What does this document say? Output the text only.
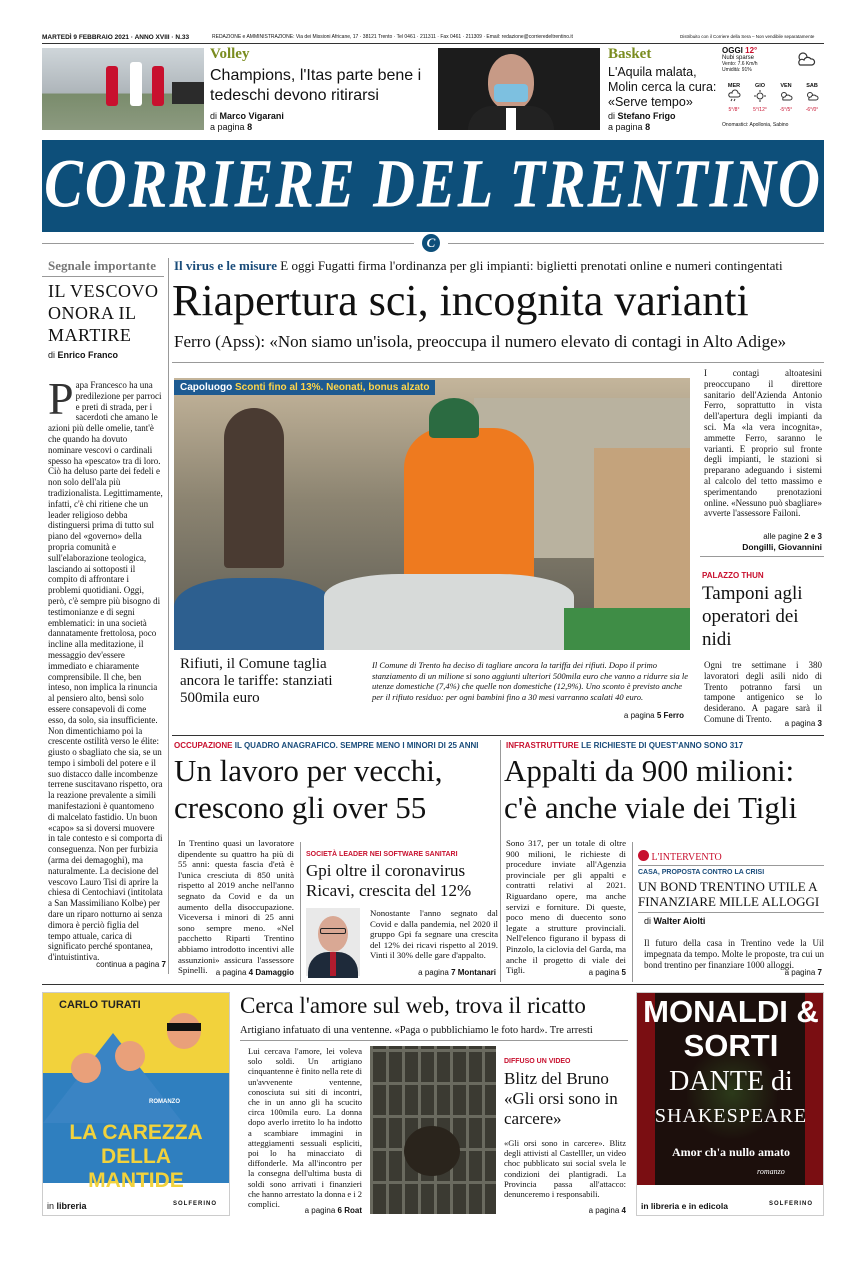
MARTEDÌ 9 FEBBRAIO 2021 · ANNO XVIII · N.33	REDAZIONE e AMMINISTRAZIONE: Via dei Missioni Africane, 17 · 38121 Trento · Tel 0461 · 211311 · Fax 0461 · 211309 · Email: redazione@corrieredeltrentino.it	Distribuito con il Corriere della Sera – Non vendibile separatamente
Volley
Champions, l'Itas parte bene i tedeschi devono ritirarsi
di Marco Vigarani
a pagina 8
Basket
L'Aquila malata, Molin cerca la cura: «Serve tempo»
di Stefano Frigo
a pagina 8
OGGI 12°
Nubi sparse
Vento: 7.6 Km/h
Umidità: 91%
MER
5°/8°
GIO
5°/12°
VEN
-5°/5°
SAB
-6°/0°
Onomastici: Apollonia, Sabino
CORRIERE DEL TRENTINO
C
Segnale importante
IL VESCOVO ONORA IL MARTIRE
di Enrico Franco
P apa Francesco ha una predilezione per parroci e preti di strada, per i sacerdoti che amano le azioni più delle omelie, tant'è che quando ha dovuto nominare vescovi o cardinali spesso ha «pescato» tra di loro. Ciò ha deluso parte dei fedeli e non solo dell'ala più tradizionalista. Legittimamente, infatti, c'è chi ritiene che un leader religioso debba distinguersi prima di tutto sul piano del «governo» della propria comunità e sull'elaborazione teologica, lasciando ai sottoposti il compito di affrontare i problemi quotidiani. Oggi, però, c'è sempre più bisogno di testimonianze e di segni emblematici: in una società dannatamente frettolosa, poco incline alla meditazione, il messaggio dev'essere immediato e chiaramente comprensibile. Il che, ben inteso, non implica la rinuncia al pensiero alto, bensì solo essere consapevoli di come esso, da solo, sia insufficiente. Non dimentichiamo poi la crescente ostilità verso le élite: giusto o sbagliato che sia, se un tempo i simboli del potere e il suo distacco dalle incombenze terrene suscitavano rispetto, ora la reazione prevalente a simili manifestazioni è quantomeno di malcelato fastidio. Un buon «capo» sa si doversi muovere in tale contesto e si comporta di conseguenza. Non per furbizia (arma dei demagoghi), ma naturalmente. La decisione del vescovo Lauro Tisi di aprire la chiesa di Centochiavi (intitolata a San Massimiliano Kolbe) per dare un riparo notturno ai senza dimora è perciò figlia del tempo attuale, carica di significato perché spontanea, d'intuistintiva.
continua a pagina 7
Il virus e le misure E oggi Fugatti firma l'ordinanza per gli impianti: biglietti prenotati online e numeri contingentati
Riapertura sci, incognita varianti
Ferro (Apss): «Non siamo un'isola, preoccupa il numero elevato di contagi in Alto Adige»
Capoluogo Sconti fino al 13%. Neonati, bonus alzato
Rifiuti, il Comune taglia ancora le tariffe: stanziati 500mila euro
Il Comune di Trento ha deciso di tagliare ancora la tariffa dei rifiuti. Dopo il primo stanziamento di un milione si sono aggiunti ulteriori 500mila euro che vanno a ridurre sia le utenze domestiche (7,4%) che quelle non domestiche (12,9%). Uno sconto è previsto anche per il rifiuto residuo: per ogni bambini fino a 30 mesi varranno scalati 40 euro.
a pagina 5 Ferro
I contagi altoatesini preoccupano il direttore sanitario dell'Azienda Antonio Ferro, soprattutto in vista dell'apertura degli impianti da sci. Ma «la vera incognita», ammette Ferro, saranno le varianti. E proprio sul fronte degli impianti, le stazioni si preparano adeguando i sistemi al calcolo del tetto massimo e sperimentando prenotazioni online. «Nessuno può sbagliare» avverte l'assessore Failoni.
alle pagine 2 e 3
Dongilli, Giovannini
PALAZZO THUN
Tamponi agli operatori dei nidi
Ogni tre settimane i 380 lavoratori degli asili nido di Trento potranno farsi un tampone antigenico se lo desiderano. A pagare sarà il Comune di Trento.	a pagina 3
OCCUPAZIONE IL QUADRO ANAGRAFICO. SEMPRE MENO I MINORI DI 25 ANNI
Un lavoro per vecchi, crescono gli over 55
In Trentino quasi un lavoratore dipendente su quattro ha più di 55 anni: questa fascia d'età è l'unica cresciuta di 850 unità rispetto al 2019 anche nell'anno segnato da Covid e da un aumento della disoccupazione. Viceversa i minori di 25 anni sono sempre meno. «Nel pacchetto Riparti Trentino abbiamo introdotto incentivi alle assunzioni» assicura l'assessore Spinelli.	a pagina 4 Damaggio
SOCIETÀ LEADER NEI SOFTWARE SANITARI
Gpi oltre il coronavirus Ricavi, crescita del 12%
Nonostante l'anno segnato dal Covid e dalla pandemia, nel 2020 il gruppo Gpi fa segnare una crescita del 12% dei ricavi rispetto al 2019. Vinti il 30% delle gare d'appalto.
a pagina 7 Montanari
INFRASTRUTTURE LE RICHIESTE DI QUEST'ANNO SONO 317
Appalti da 900 milioni: c'è anche viale dei Tigli
Sono 317, per un totale di oltre 900 milioni, le richieste di procedure inviate all'Agenzia provinciale per gli appalti e contratti relativi al 2021. Riguardano opere, ma anche servizi e forniture. Di queste, poco meno di duecento sono legate a strutture provinciali. Nell'elenco figurano il bypass di Pinzolo, la ciclovia del Garda, ma anche il progetto di viale dei Tigli.	a pagina 5
L'INTERVENTO
CASA, PROPOSTA CONTRO LA CRISI
UN BOND TRENTINO UTILE A FINANZIARE MILLE ALLOGGI
di Walter Aiolti
Il futuro della casa in Trentino vede la Uil impegnata da tempo. Molte le proposte, tra cui un bond trentino per finanziare 1000 alloggi.
a pagina 7
CARLO TURATI
ROMANZO
LA CAREZZA DELLA MANTIDE
in libreria	SOLFERINO
Cerca l'amore sul web, trova il ricatto
Artigiano infatuato di una ventenne. «Paga o pubblichiamo le foto hard». Tre arresti
Lui cercava l'amore, lei voleva solo soldi. Un artigiano cinquantenne è finito nella rete di un'avvenente ventenne, conosciuta sui siti di incontri, che in un anno gli ha scucito circa 100mila euro. La donna dopo averlo irretito lo ha indotto a scambiare immagini in atteggiamenti sessuali espliciti, poi lo ha minacciato di diffonderle. Ma all'incontro per la consegna dell'ultima busta di soldi sono arrivati i finanzieri che hanno arrestato la donna e i 2 complici.
a pagina 6 Roat
DIFFUSO UN VIDEO
Blitz del Bruno «Gli orsi sono in carcere»
«Gli orsi sono in carcere». Blitz degli attivisti al Castelller, un video choc pubblicato sui social svela le condizioni dei plantigradi. La Provincia passa all'attacco: denunceremo i responsabili.
a pagina 4
MONALDI & SORTI
DANTE di
SHAKESPEARE
Amor ch'a nullo amato
romanzo
in libreria e in edicola	SOLFERINO
